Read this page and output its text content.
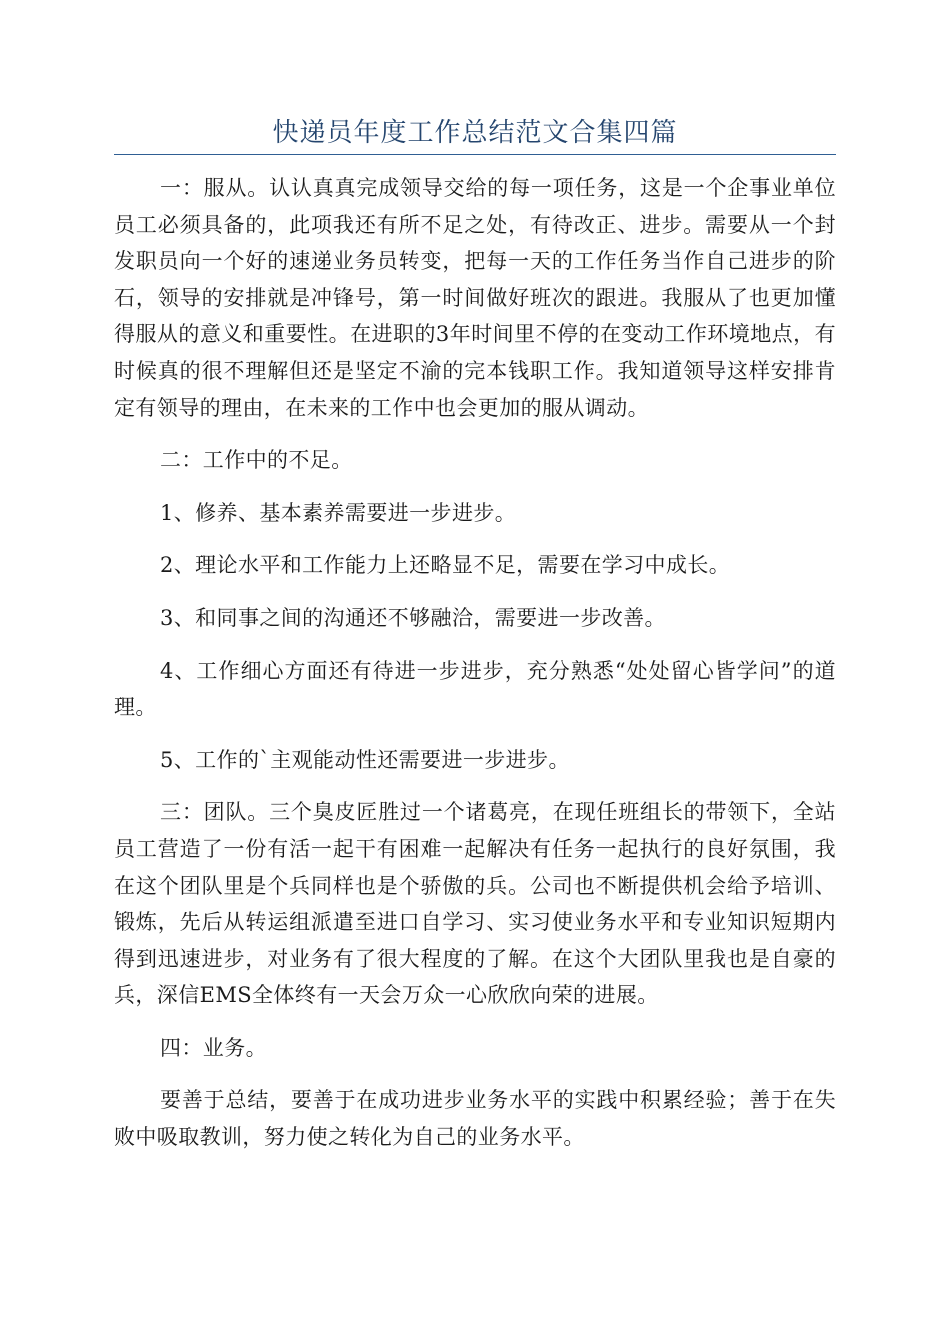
快递员年度工作总结范文合集四篇

一：服从。认认真真完成领导交给的每一项任务，这是一个企事业单位员工必须具备的，此项我还有所不足之处，有待改正、进步。需要从一个封发职员向一个好的速递业务员转变，把每一天的工作任务当作自己进步的阶石，领导的安排就是冲锋号，第一时间做好班次的跟进。我服从了也更加懂得服从的意义和重要性。在进职的3年时间里不停的在变动工作环境地点，有时候真的很不理解但还是坚定不渝的完本钱职工作。我知道领导这样安排肯定有领导的理由，在未来的工作中也会更加的服从调动。

二：工作中的不足。

1、修养、基本素养需要进一步进步。

2、理论水平和工作能力上还略显不足，需要在学习中成长。

3、和同事之间的沟通还不够融洽，需要进一步改善。

4、工作细心方面还有待进一步进步，充分熟悉“处处留心皆学问”的道理。

5、工作的`主观能动性还需要进一步进步。

三：团队。三个臭皮匠胜过一个诸葛亮，在现任班组长的带领下，全站员工营造了一份有活一起干有困难一起解决有任务一起执行的良好氛围，我在这个团队里是个兵同样也是个骄傲的兵。公司也不断提供机会给予培训、锻炼，先后从转运组派遣至进口自学习、实习使业务水平和专业知识短期内得到迅速进步，对业务有了很大程度的了解。在这个大团队里我也是自豪的兵，深信EMS全体终有一天会万众一心欣欣向荣的进展。

四：业务。

要善于总结，要善于在成功进步业务水平的实践中积累经验；善于在失败中吸取教训，努力使之转化为自己的业务水平。
